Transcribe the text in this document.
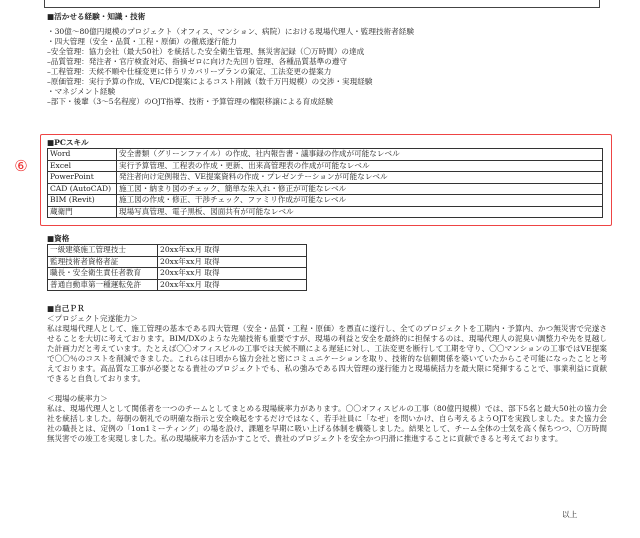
■活かせる経験・知識・技術
・30億〜80億円規模のプロジェクト（オフィス、マンション、病院）における現場代理人・監理技術者経験
・四大管理（安全・品質・工程・原価）の徹底遂行能力
–安全管理：協力会社（最大50社）を統括した安全衛生管理、無災害記録（〇万時間）の達成
–品質管理：発注者・官庁検査対応、指摘ゼロに向けた先回り管理、各種品質基準の遵守
–工程管理：天候不順や仕様変更に伴うリカバリープランの策定、工法変更の提案力
–原価管理：実行予算の作成、VE/CD提案によるコスト削減（数千万円規模）の交渉・実現経験
・マネジメント経験
–部下・後輩（3〜5名程度）のOJT指導、技術・予算管理の権限移譲による育成経験
⑥
■PCスキル
Word	安全書類（グリーンファイル）の作成、社内報告書・議事録の作成が可能なレベル
Excel	実行予算管理、工程表の作成・更新、出来高管理表の作成が可能なレベル
PowerPoint	発注者向け定例報告、VE提案資料の作成・プレゼンテーションが可能なレベル
CAD (AutoCAD)	施工図・納まり図のチェック、簡単な朱入れ・修正が可能なレベル
BIM (Revit)	施工図の作成・修正、干渉チェック、ファミリ作成が可能なレベル
蔵衛門	現場写真管理、電子黒板、図面共有が可能なレベル
■資格
一級建築施工管理技士	20xx年xx月 取得
監理技術者資格者証	20xx年xx月 取得
職長・安全衛生責任者教育	20xx年xx月 取得
普通自動車第一種運転免許	20xx年xx月 取得
■自己ＰＲ
＜プロジェクト完遂能力＞
私は現場代理人として、施工管理の基本である四大管理（安全・品質・工程・原価）を愚直に遂行し、全てのプロジェクトを工期内・予算内、かつ無災害で完遂させることを大切に考えております。BIM/DXのような先端技術も重要ですが、現場の利益と安全を最終的に担保するのは、現場代理人の泥臭い調整力や先を見越した計画力だと考えています。たとえば〇〇オフィスビルの工事では天候不順による遅延に対し、工法変更を断行して工期を守り、〇〇マンションの工事ではVE提案で〇〇％のコストを削減できました。これらは日頃から協力会社と密にコミュニケーションを取り、技術的な信頼関係を築いていたからこそ可能になったことと考えております。高品質な工事が必要となる貴社のプロジェクトでも、私の強みである四大管理の遂行能力と現場統括力を最大限に発揮することで、事業利益に貢献できると自負しております。
＜現場の統率力＞
私は、現場代理人として関係者を一つのチームとしてまとめる現場統率力があります。〇〇オフィスビルの工事（80億円規模）では、部下5名と最大50社の協力会社を統括しました。毎朝の朝礼での明確な指示と安全喚起をするだけではなく、若手社員に「なぜ」を問いかけ、自ら考えるようOJTを実践しました。また協力会社の職長とは、定例の「1on1ミーティング」の場を設け、課題を早期に吸い上げる体制を構築しました。結果として、チーム全体の士気を高く保ちつつ、〇万時間無災害での竣工を実現しました。私の現場統率力を活かすことで、貴社のプロジェクトを安全かつ円滑に推進することに貢献できると考えております。
以上
